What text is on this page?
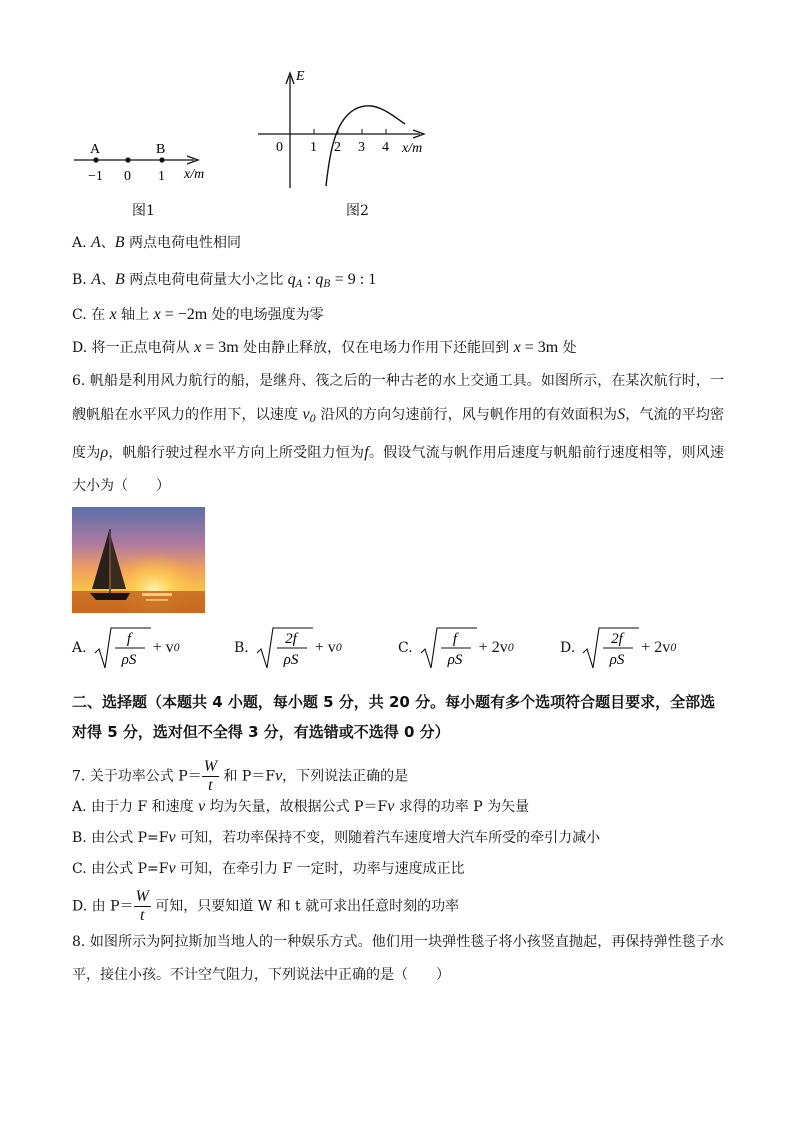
A	B
−1 0 1 x/m
图1
E
0 1 2 3 4 x/m
图2
A. A、B 两点电荷电性相同
B. A、B 两点电荷电荷量大小之比 $q_A$ : $q_B = 9$ : 1
C. 在 x 轴上 x = −2m 处的电场强度为零
D. 将一正点电荷从 x = 3m 处由静止释放，仅在电场力作用下还能回到 x = 3m 处
6. 帆船是利用风力航行的船，是继舟、筏之后的一种古老的水上交通工具。如图所示，在某次航行时，一艘帆船在水平风力的作用下，以速度 $v_0$ 沿风的方向匀速前行，风与帆作用的有效面积为S，气流的平均密度为ρ，帆船行驶过程水平方向上所受阻力恒为f。假设气流与帆作用后速度与帆船前行速度相等，则风速大小为（　　）
A.
f
ρS
+ v 0	B.
2f
ρS
+ v 0	C.
f
ρS
+ 2v 0	D.
2f
ρS
+ 2v 0
二、选择题（本题共 4 小题，每小题 5 分，共 20 分。每小题有多个选项符合题目要求，全部选对得 5 分，选对但不全得 3 分，有选错或不选得 0 分）
7. 关于功率公式 $P= \frac{W}{t}$ 和 P＝Fv，下列说法正确的是
A. 由于力 F 和速度 v 均为矢量，故根据公式 P＝Fv 求得的功率 P 为矢量
B. 由公式 P=Fv 可知，若功率保持不变，则随着汽车速度增大汽车所受的牵引力减小
C. 由公式 P=Fv 可知，在牵引力 F 一定时，功率与速度成正比
D. 由 $P= \frac{W}{t}$ 可知，只要知道 W 和 t 就可求出任意时刻的功率
8. 如图所示为阿拉斯加当地人的一种娱乐方式。他们用一块弹性毯子将小孩竖直抛起，再保持弹性毯子水平，接住小孩。不计空气阻力，下列说法中正确的是（　　）
